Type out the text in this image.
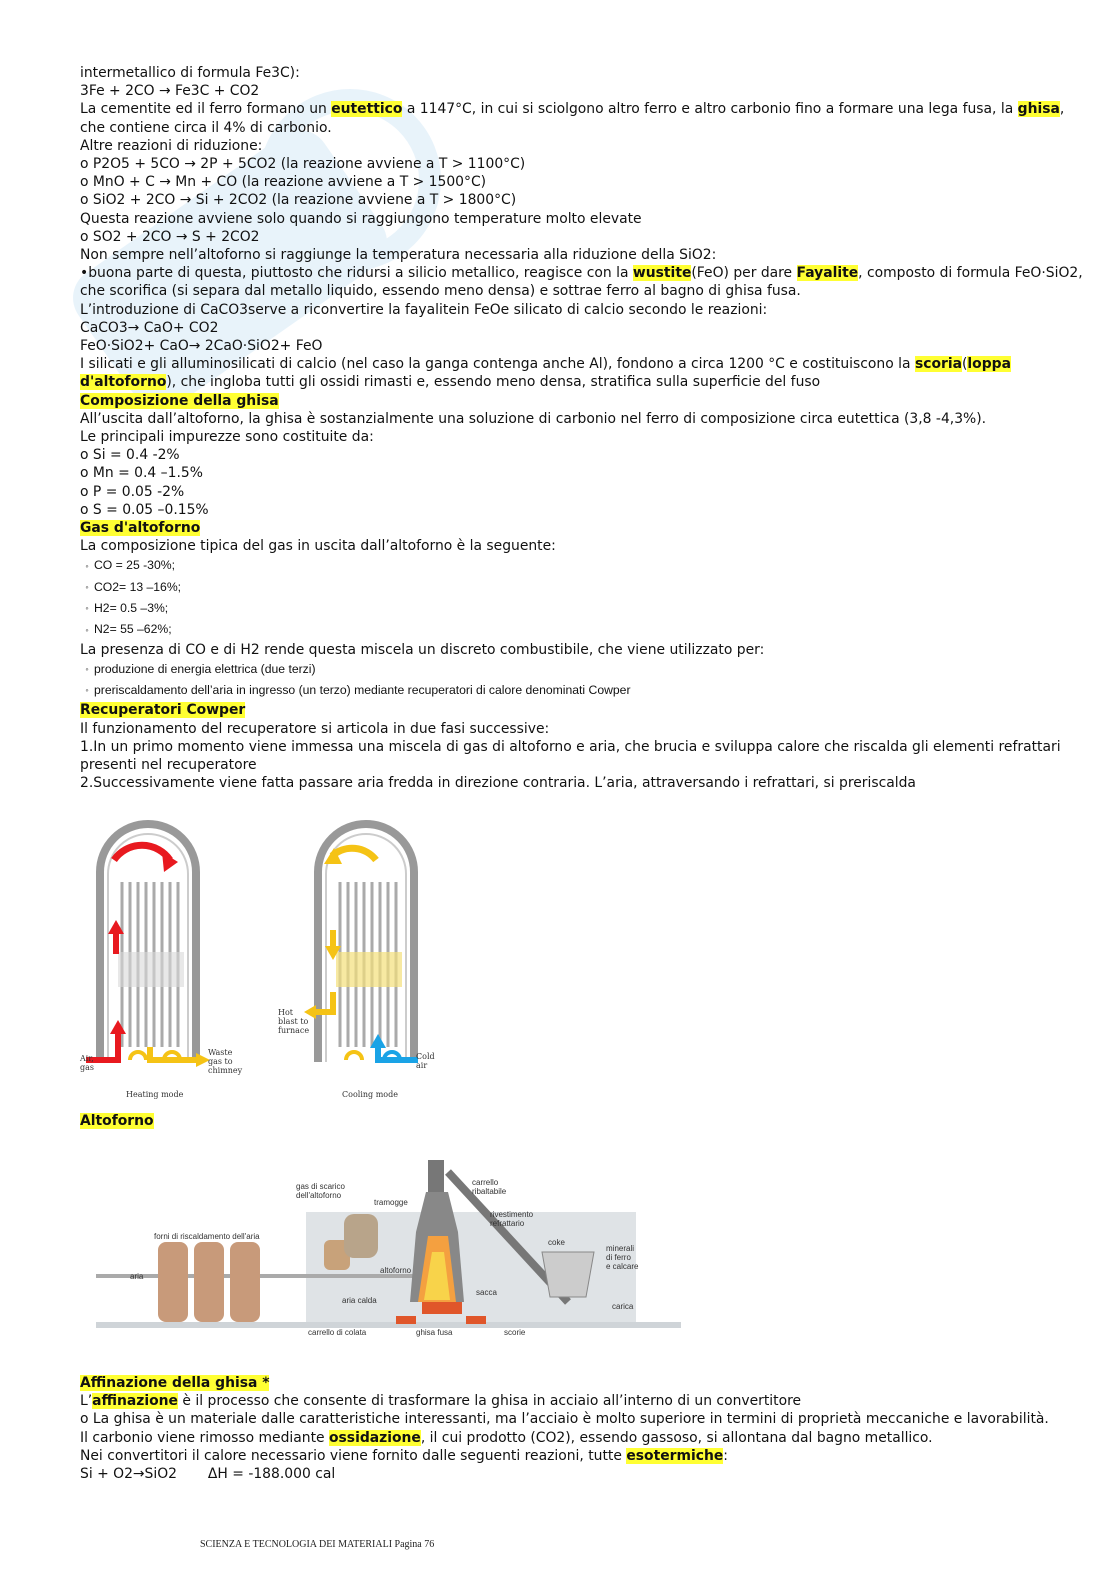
intermetallico di formula Fe3C):
3Fe + 2CO → Fe3C + CO2
La cementite ed il ferro formano un eutettico a 1147°C, in cui si sciolgono altro ferro e altro carbonio fino a formare una lega fusa, la ghisa,
che contiene circa il 4% di carbonio.
Altre reazioni di riduzione:
o P2O5 + 5CO → 2P + 5CO2 (la reazione avviene a T > 1100°C)
o MnO + C → Mn + CO (la reazione avviene a T > 1500°C)
o SiO2 + 2CO → Si + 2CO2 (la reazione avviene a T > 1800°C)
Questa reazione avviene solo quando si raggiungono temperature molto elevate
o SO2 + 2CO → S + 2CO2
Non sempre nell’altoforno si raggiunge la temperatura necessaria alla riduzione della SiO2:
•buona parte di questa, piuttosto che ridursi a silicio metallico, reagisce con la wustite(FeO) per dare Fayalite, composto di formula FeO·SiO2,
che scorifica (si separa dal metallo liquido, essendo meno densa) e sottrae ferro al bagno di ghisa fusa.
L’introduzione di CaCO3serve a riconvertire la fayalitein FeOe silicato di calcio secondo le reazioni:
CaCO3→ CaO+ CO2
FeO·SiO2+ CaO→ 2CaO·SiO2+ FeO
I silicati e gli alluminosilicati di calcio (nel caso la ganga contenga anche Al), fondono a circa 1200 °C e costituiscono la scoria(loppa
d'altoforno), che ingloba tutti gli ossidi rimasti e, essendo meno densa, stratifica sulla superficie del fuso
Composizione della ghisa
All’uscita dall’altoforno, la ghisa è sostanzialmente una soluzione di carbonio nel ferro di composizione circa eutettica (3,8 -4,3%).
Le principali impurezze sono costituite da:
o Si = 0.4 -2%
o Mn = 0.4 –1.5%
o P = 0.05 -2%
o S = 0.05 –0.15%
Gas d'altoforno
La composizione tipica del gas in uscita dall’altoforno è la seguente:
◦ CO = 25 -30%;
◦ CO2= 13 –16%;
◦ H2= 0.5 –3%;
◦ N2= 55 –62%;
La presenza di CO e di H2 rende questa miscela un discreto combustibile, che viene utilizzato per:
◦ produzione di energia elettrica (due terzi)
◦ preriscaldamento dell’aria in ingresso (un terzo) mediante recuperatori di calore denominati Cowper
Recuperatori Cowper
Il funzionamento del recuperatore si articola in due fasi successive:
1.In un primo momento viene immessa una miscela di gas di altoforno e aria, che brucia e sviluppa calore che riscalda gli elementi refrattari
presenti nel recuperatore
2.Successivamente viene fatta passare aria fredda in direzione contraria. L’aria, attraversando i refrattari, si preriscalda
Air,
gas
Waste
gas to
chimney
Heating mode
Hot
blast to
furnace
Cold
air
Cooling mode
Altoforno
gas di scarico
dell'altoforno
forni di riscaldamento dell'aria
tramogge
carrello
ribaltabile
rivestimento
refrattario
coke
minerali
di ferro
e calcare
aria
altoforno
sacca
aria calda
carica
carrello di colata	ghisa fusa	scorie
Affinazione della ghisa *
L’affinazione è il processo che consente di trasformare la ghisa in acciaio all’interno di un convertitore
o La ghisa è un materiale dalle caratteristiche interessanti, ma l’acciaio è molto superiore in termini di proprietà meccaniche e lavorabilità.
Il carbonio viene rimosso mediante ossidazione, il cui prodotto (CO2), essendo gassoso, si allontana dal bagno metallico.
Nei convertitori il calore necessario viene fornito dalle seguenti reazioni, tutte esotermiche:
Si + O2→SiO2       ΔH = -188.000 cal
SCIENZA E TECNOLOGIA DEI MATERIALI Pagina 76
